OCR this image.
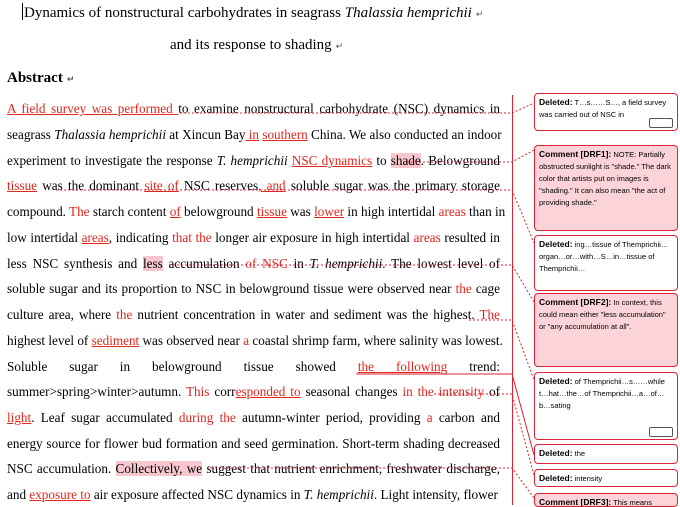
Dynamics of nonstructural carbohydrates in seagrass Thalassia hemprichii ↵
and its response to shading ↵
Abstract ↵
A field survey was performed to examine nonstructural carbohydrate (NSC) dynamics in
seagrass Thalassia hemprichii at Xincun Bay in southern China. We also conducted an indoor
experiment to investigate the response T. hemprichii NSC dynamics to shade. Belowground
tissue was the dominant site of NSC reserves, and soluble sugar was the primary storage
compound. The starch content of belowground tissue was lower in high intertidal areas than in
low intertidal areas, indicating that the longer air exposure in high intertidal areas resulted in
less NSC synthesis and less accumulation of NSC in T. hemprichii. The lowest level of
soluble sugar and its proportion to NSC in belowground tissue were observed near the cage
culture area, where the nutrient concentration in water and sediment was the highest. The
highest level of sediment was observed near a coastal shrimp farm, where salinity was lowest.
Soluble sugar in belowground tissue showed the following trend:
summer>spring>winter>autumn. This corresponded to seasonal changes in the intensity of
light. Leaf sugar accumulated during the autumn-winter period, providing a carbon and
energy source for flower bud formation and seed germination. Short-term shading decreased
NSC accumulation. Collectively, we suggest that nutrient enrichment, freshwater discharge,
and exposure to air exposure affected NSC dynamics in T. hemprichii. Light intensity, flower
Deleted: T…s……S…, a field survey was carried out of NSC in
Comment [DRF1]: NOTE: Partially obstructed sunlight is "shade." The dark color that artists put on images is "shading." It can also mean "the act of providing shade."
Deleted: ing…tissue of Themprichii…organ…or…with…S…in…tissue of Themprichii…
Comment [DRF2]: In context, this could mean either "less accumulation" or "any accumulation at all".
Deleted: of Themprichii…s……while t…hat…the…of Themprichii…a…of…b…sating
Deleted: the
Deleted: intensity
Comment [DRF3]: This means
